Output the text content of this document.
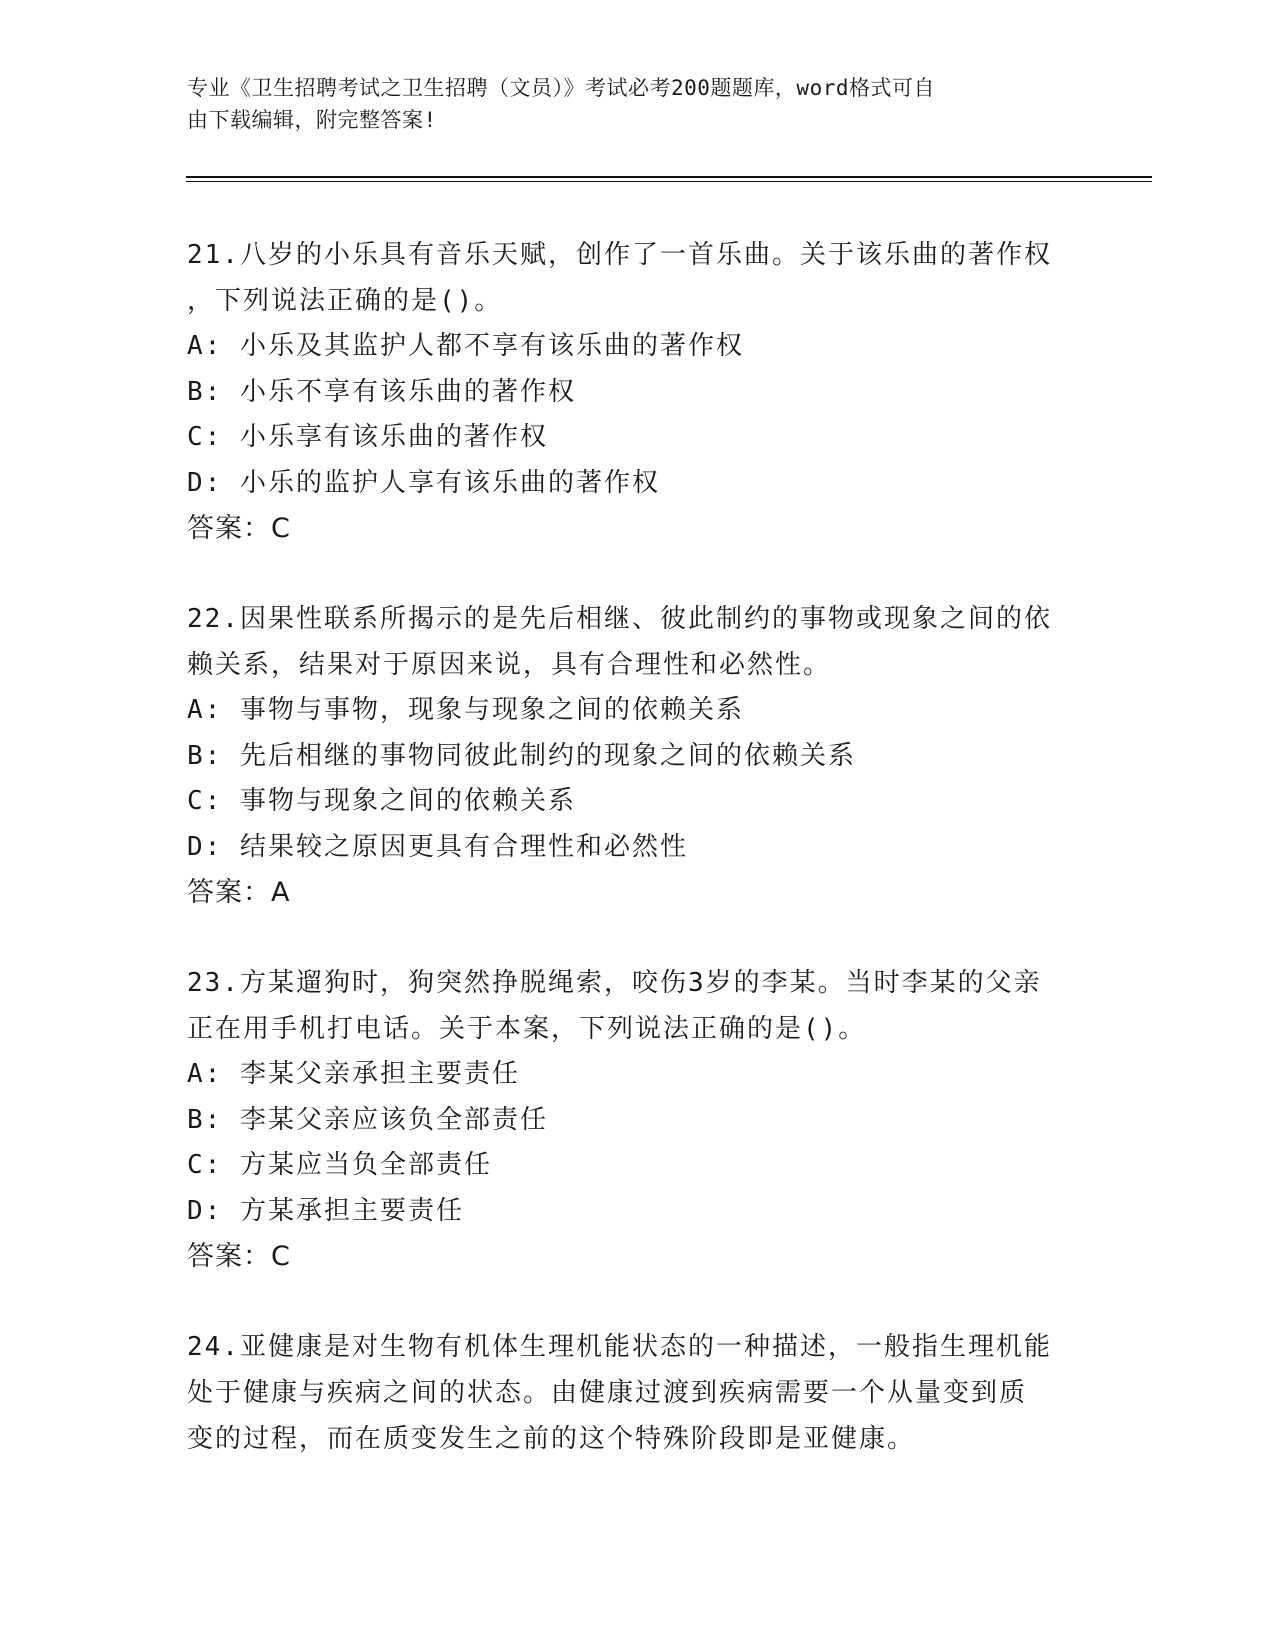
专业《卫生招聘考试之卫生招聘（文员）》考试必考200题题库，word格式可自
由下载编辑，附完整答案!
21.八岁的小乐具有音乐天赋，创作了一首乐曲。关于该乐曲的著作权
，下列说法正确的是()。
A: 小乐及其监护人都不享有该乐曲的著作权
B: 小乐不享有该乐曲的著作权
C: 小乐享有该乐曲的著作权
D: 小乐的监护人享有该乐曲的著作权
答案：C
22.因果性联系所揭示的是先后相继、彼此制约的事物或现象之间的依
赖关系，结果对于原因来说，具有合理性和必然性。
A: 事物与事物，现象与现象之间的依赖关系
B: 先后相继的事物同彼此制约的现象之间的依赖关系
C: 事物与现象之间的依赖关系
D: 结果较之原因更具有合理性和必然性
答案：A
23.方某遛狗时，狗突然挣脱绳索，咬伤3岁的李某。当时李某的父亲
正在用手机打电话。关于本案，下列说法正确的是()。
A: 李某父亲承担主要责任
B: 李某父亲应该负全部责任
C: 方某应当负全部责任
D: 方某承担主要责任
答案：C
24.亚健康是对生物有机体生理机能状态的一种描述，一般指生理机能
处于健康与疾病之间的状态。由健康过渡到疾病需要一个从量变到质
变的过程，而在质变发生之前的这个特殊阶段即是亚健康。
